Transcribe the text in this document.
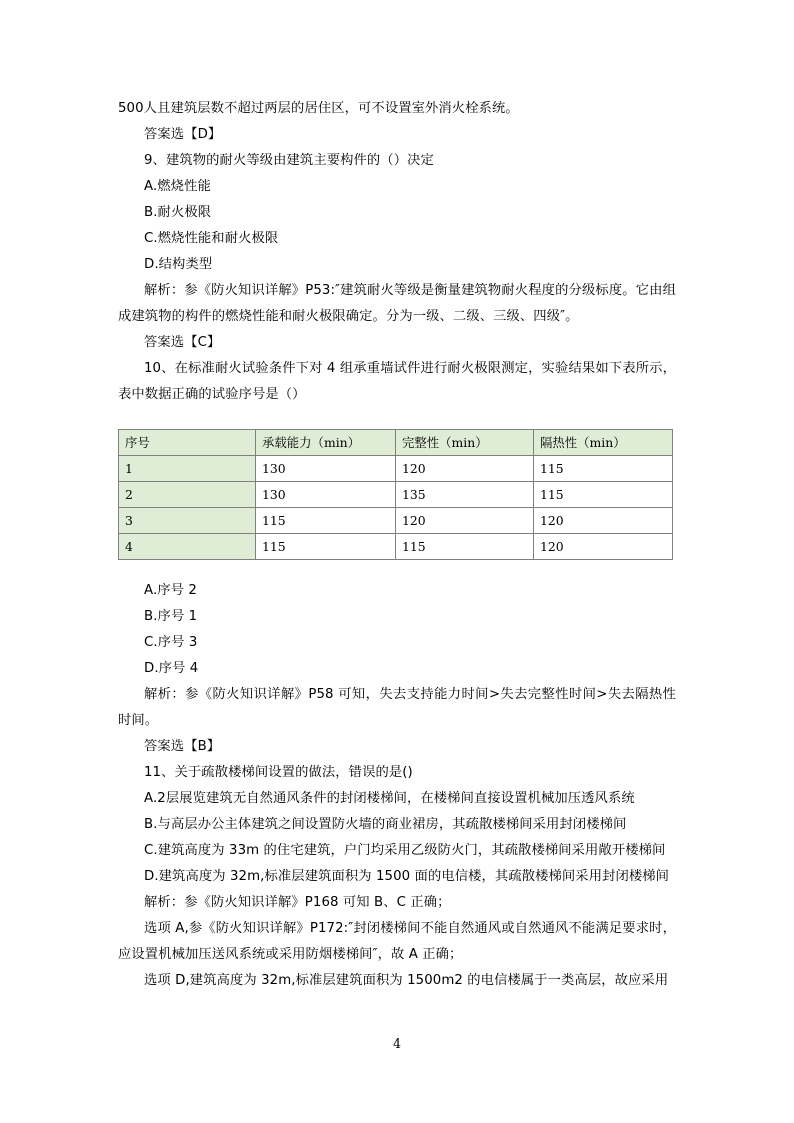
500人且建筑层数不超过两层的居住区，可不设置室外消火栓系统。
答案选【D】
9、建筑物的耐火等级由建筑主要构件的（）决定
A.燃烧性能
B.耐火极限
C.燃烧性能和耐火极限
D.结构类型
解析：参《防火知识详解》P53:″建筑耐火等级是衡量建筑物耐火程度的分级标度。它由组成建筑物的构件的燃烧性能和耐火极限确定。分为一级、二级、三级、四级″。
答案选【C】
10、在标准耐火试验条件下对 4 组承重墙试件进行耐火极限测定，实验结果如下表所示，表中数据正确的试验序号是（）
序号	承载能力（min）	完整性（min）	隔热性（min）
1	130	120	115
2	130	135	115
3	115	120	120
4	115	115	120
A.序号 2
B.序号 1
C.序号 3
D.序号 4
解析：参《防火知识详解》P58 可知，失去支持能力时间>失去完整性时间>失去隔热性时间。
答案选【B】
11、关于疏散楼梯间设置的做法，错误的是()
A.2层展览建筑无自然通风条件的封闭楼梯间，在楼梯间直接设置机械加压透风系统
B.与高层办公主体建筑之间设置防火墙的商业裙房，其疏散楼梯间采用封闭楼梯间
C.建筑高度为 33m 的住宅建筑，户门均采用乙级防火门，其疏散楼梯间采用敞开楼梯间
D.建筑高度为 32m,标准层建筑面积为 1500 面的电信楼，其疏散楼梯间采用封闭楼梯间
解析：参《防火知识详解》P168 可知 B、C 正确；
选项 A,参《防火知识详解》P172:″封闭楼梯间不能自然通风或自然通风不能满足要求时，应设置机械加压送风系统或采用防烟楼梯间″，故 A 正确；
选项 D,建筑高度为 32m,标准层建筑面积为 1500m2 的电信楼属于一类高层，故应采用
4
